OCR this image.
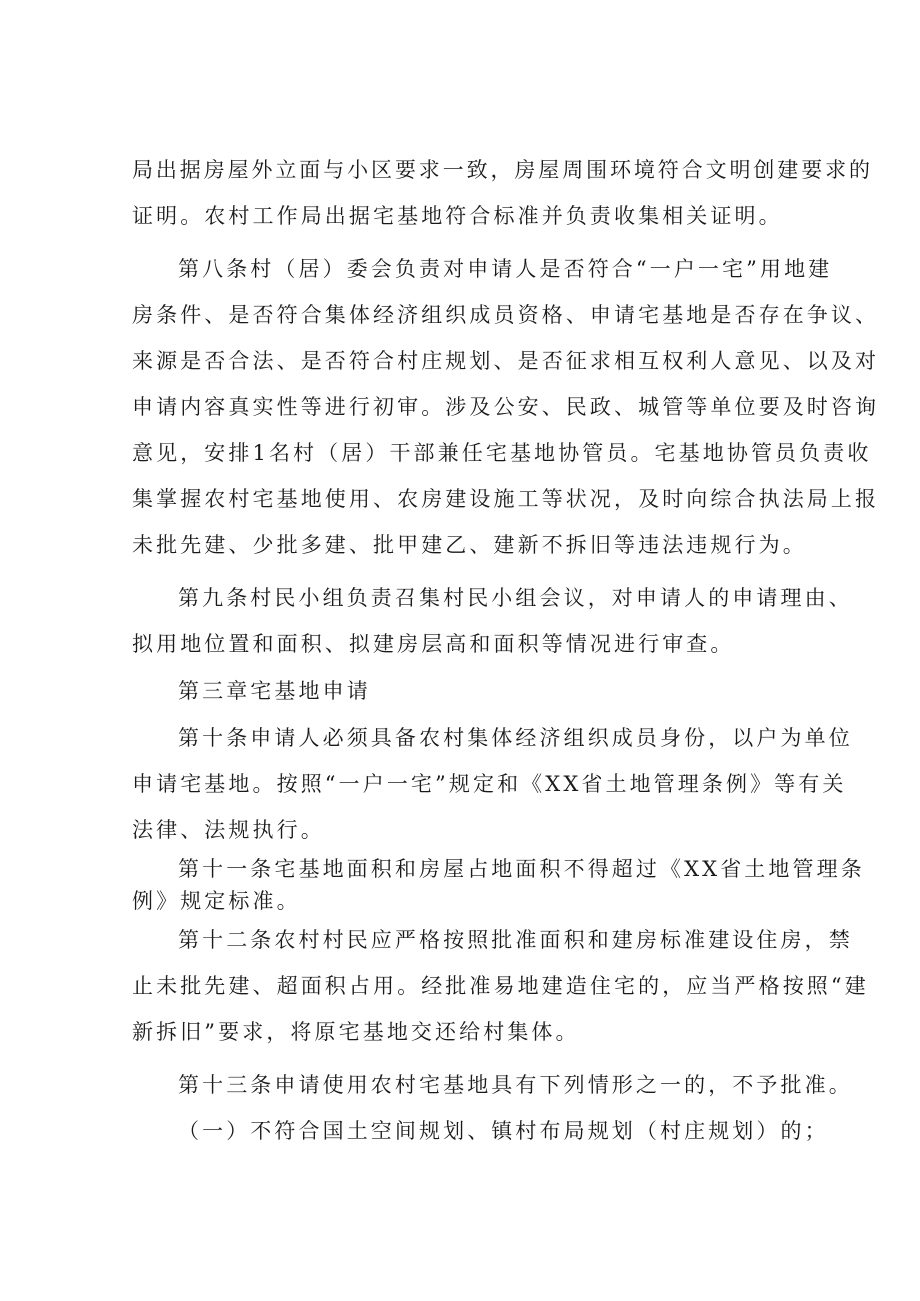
局出据房屋外立面与小区要求一致，房屋周围环境符合文明创建要求的
证明。农村工作局出据宅基地符合标准并负责收集相关证明。
第八条村（居）委会负责对申请人是否符合“一户一宅”用地建
房条件、是否符合集体经济组织成员资格、申请宅基地是否存在争议、
来源是否合法、是否符合村庄规划、是否征求相互权利人意见、以及对
申请内容真实性等进行初审。涉及公安、民政、城管等单位要及时咨询
意见，安排1名村（居）干部兼任宅基地协管员。宅基地协管员负责收
集掌握农村宅基地使用、农房建设施工等状况，及时向综合执法局上报
未批先建、少批多建、批甲建乙、建新不拆旧等违法违规行为。
第九条村民小组负责召集村民小组会议，对申请人的申请理由、
拟用地位置和面积、拟建房层高和面积等情况进行审查。
第三章宅基地申请
第十条申请人必须具备农村集体经济组织成员身份，以户为单位
申请宅基地。按照“一户一宅”规定和《XX省土地管理条例》等有关
法律、法规执行。
第十一条宅基地面积和房屋占地面积不得超过《XX省土地管理条
例》规定标准。
第十二条农村村民应严格按照批准面积和建房标准建设住房，禁
止未批先建、超面积占用。经批准易地建造住宅的，应当严格按照“建
新拆旧”要求，将原宅基地交还给村集体。
第十三条申请使用农村宅基地具有下列情形之一的，不予批准。
（一）不符合国土空间规划、镇村布局规划（村庄规划）的；
